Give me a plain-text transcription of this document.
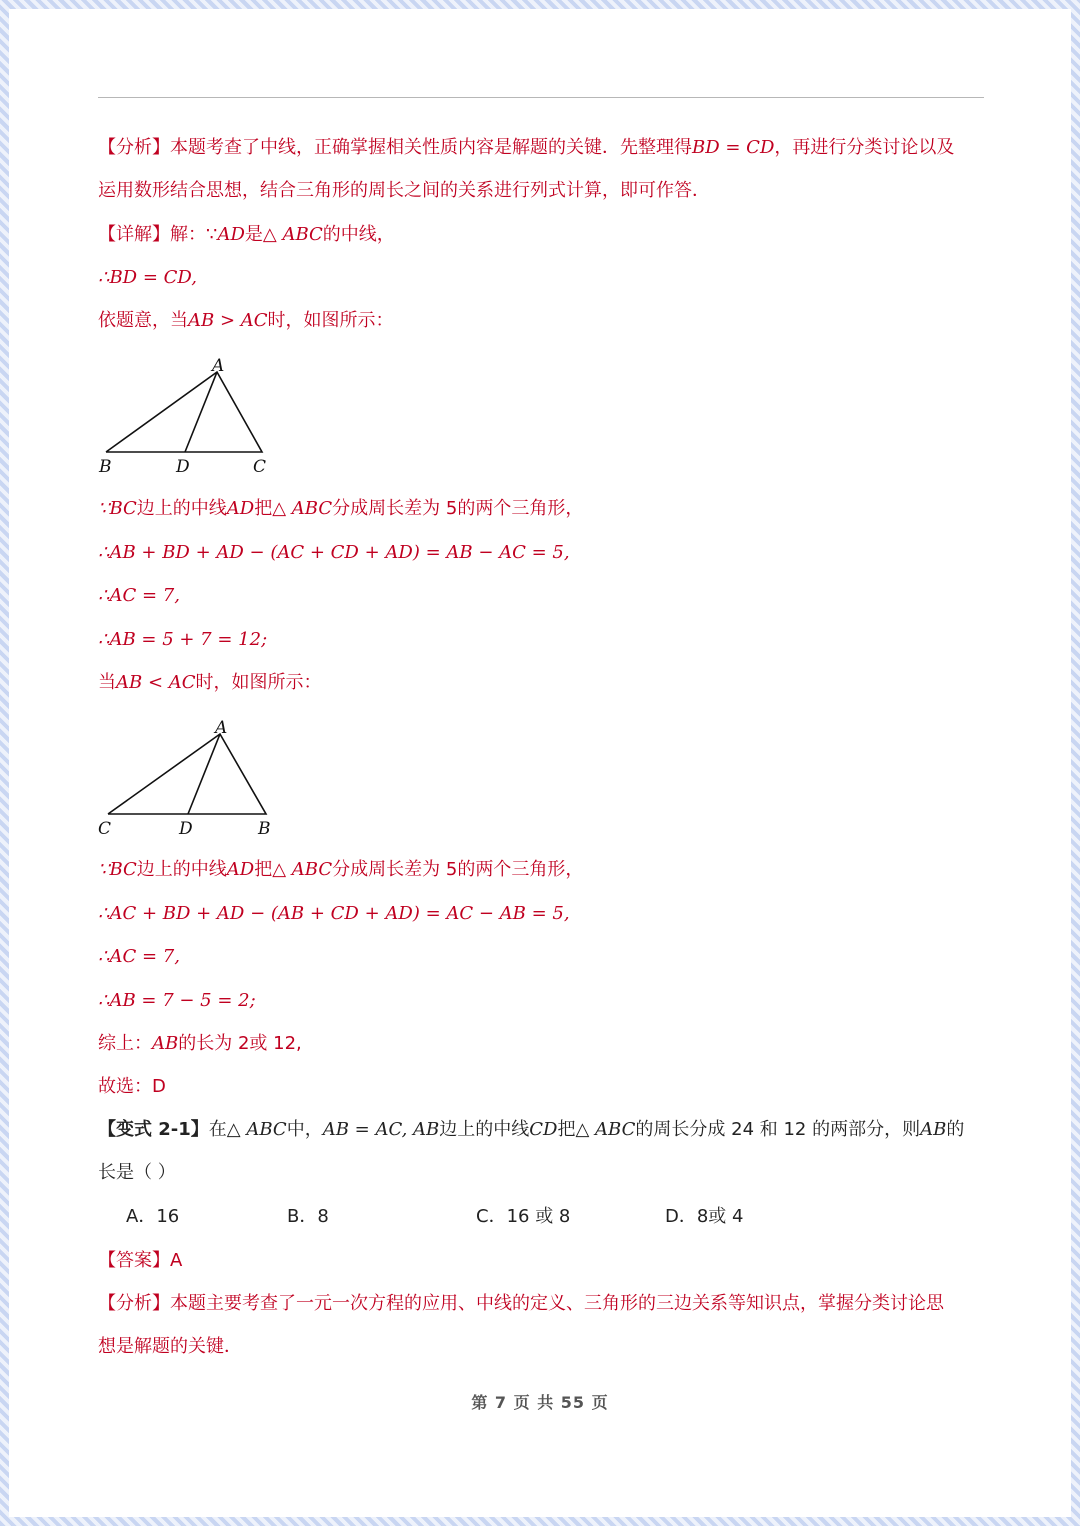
【分析】本题考查了中线，正确掌握相关性质内容是解题的关键．先整理得BD = CD，再进行分类讨论以及
运用数形结合思想，结合三角形的周长之间的关系进行列式计算，即可作答．
【详解】解：∵AD是△ ABC的中线，
∴BD = CD,
依题意，当AB > AC时，如图所示：
A
B	D	C
∵BC边上的中线AD把△ ABC分成周长差为 5的两个三角形，
∴AB + BD + AD − (AC + CD + AD) = AB − AC = 5,
∴AC = 7,
∴AB = 5 + 7 = 12;
当AB < AC时，如图所示：
A
C	D	B
∵BC边上的中线AD把△ ABC分成周长差为 5的两个三角形，
∴AC + BD + AD − (AB + CD + AD) = AC − AB = 5,
∴AC = 7,
∴AB = 7 − 5 = 2;
综上：AB的长为 2或 12,
故选：D
【变式 2-1】在△ ABC中，AB = AC, AB边上的中线CD把△ ABC的周长分成 24 和 12 的两部分，则AB的
长是（ ）
A．16	B．8	C．16 或 8	D．8或 4
【答案】A
【分析】本题主要考查了一元一次方程的应用、中线的定义、三角形的三边关系等知识点，掌握分类讨论思
想是解题的关键．
第 7 页 共 55 页
